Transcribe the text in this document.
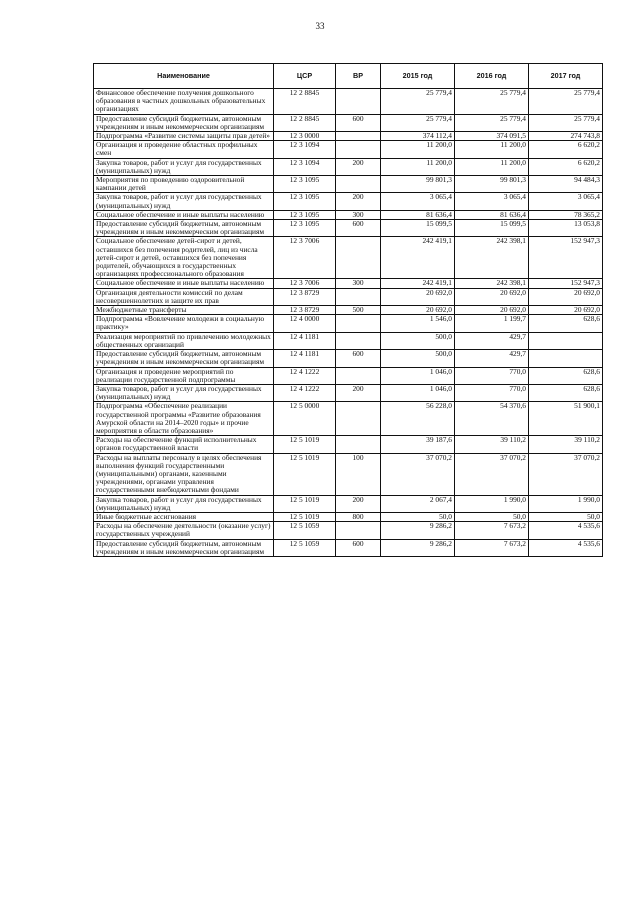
33
Наименование	ЦСР	ВР	2015 год	2016 год	2017 год
Финансовое обеспечение получения дошкольного образования в частных дошкольных образовательных организациях	12 2 8845		25 779,4	25 779,4	25 779,4
Предоставление субсидий бюджетным, автономным учреждениям и иным некоммерческим организациям	12 2 8845	600	25 779,4	25 779,4	25 779,4
Подпрограмма «Развитие системы защиты прав детей»	12 3 0000		374 112,4	374 091,5	274 743,8
Организация и проведение областных профильных смен	12 3 1094		11 200,0	11 200,0	6 620,2
Закупка товаров, работ и услуг для государственных (муниципальных) нужд	12 3 1094	200	11 200,0	11 200,0	6 620,2
Мероприятия по проведению оздоровительной кампании детей	12 3 1095		99 801,3	99 801,3	94 484,3
Закупка товаров, работ и услуг для государственных (муниципальных) нужд	12 3 1095	200	3 065,4	3 065,4	3 065,4
Социальное обеспечение и иные выплаты населению	12 3 1095	300	81 636,4	81 636,4	78 365,2
Предоставление субсидий бюджетным, автономным учреждениям и иным некоммерческим организациям	12 3 1095	600	15 099,5	15 099,5	13 053,8
Социальное обеспечение детей-сирот и детей, оставшихся без попечения родителей, лиц из числа детей-сирот и детей, оставшихся без попечения родителей, обучающихся в государственных организациях профессионального образования	12 3 7006		242 419,1	242 398,1	152 947,3
Социальное обеспечение и иные выплаты населению	12 3 7006	300	242 419,1	242 398,1	152 947,3
Организация деятельности комиссий по делам несовершеннолетних и защите их прав	12 3 8729		20 692,0	20 692,0	20 692,0
Межбюджетные трансферты	12 3 8729	500	20 692,0	20 692,0	20 692,0
Подпрограмма «Вовлечение молодежи в социальную практику»	12 4 0000		1 546,0	1 199,7	628,6
Реализация мероприятий по привлечению молодежных общественных организаций	12 4 1181		500,0	429,7	
Предоставление субсидий бюджетным, автономным учреждениям и иным некоммерческим организациям	12 4 1181	600	500,0	429,7	
Организация и проведение мероприятий по реализации государственной подпрограммы	12 4 1222		1 046,0	770,0	628,6
Закупка товаров, работ и услуг для государственных (муниципальных) нужд	12 4 1222	200	1 046,0	770,0	628,6
Подпрограмма «Обеспечение реализации государственной программы «Развитие образования Амурской области на 2014–2020 годы» и прочие мероприятия в области образования»	12 5 0000		56 228,0	54 370,6	51 900,1
Расходы на обеспечение функций исполнительных органов государственной власти	12 5 1019		39 187,6	39 110,2	39 110,2
Расходы на выплаты персоналу в целях обеспечения выполнения функций государственными (муниципальными) органами, казенными учреждениями, органами управления государственными внебюджетными фондами	12 5 1019	100	37 070,2	37 070,2	37 070,2
Закупка товаров, работ и услуг для государственных (муниципальных) нужд	12 5 1019	200	2 067,4	1 990,0	1 990,0
Иные бюджетные ассигнования	12 5 1019	800	50,0	50,0	50,0
Расходы на обеспечение деятельности (оказание услуг) государственных учреждений	12 5 1059		9 286,2	7 673,2	4 535,6
Предоставление субсидий бюджетным, автономным учреждениям и иным некоммерческим организациям	12 5 1059	600	9 286,2	7 673,2	4 535,6
